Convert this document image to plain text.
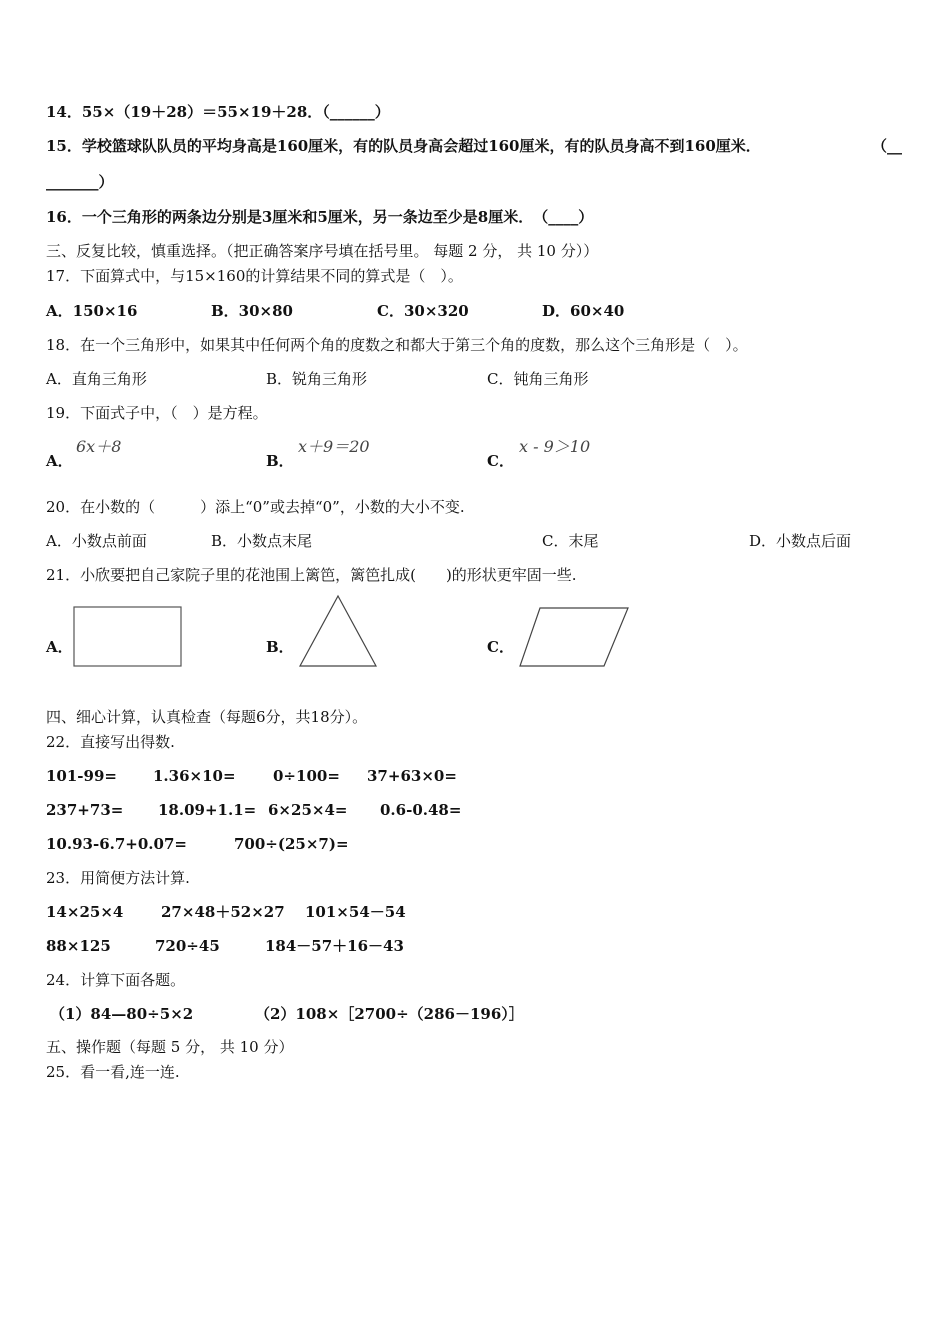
14．55×（19＋28）＝55×19＋28．（______）
15．学校篮球队队员的平均身高是160厘米，有的队员身高会超过160厘米，有的队员身高不到160厘米．	（__
_______）
16．一个三角形的两条边分别是3厘米和5厘米，另一条边至少是8厘米．　（____）
三、反复比较，慎重选择。（把正确答案序号填在括号里。 每题 2 分， 共 10 分））
17．下面算式中，与15×160的计算结果不同的算式是（　）。
A．150×16	B．30×80	C．30×320	D．60×40
18．在一个三角形中，如果其中任何两个角的度数之和都大于第三个角的度数，那么这个三角形是（　）。
A．直角三角形	B．锐角三角形	C．钝角三角形
19．下面式子中，（　）是方程。
A．
6x＋8
B．
x＋9＝20
C．
x - 9＞10
20．在小数的（　　　）添上“0”或去掉“0”，小数的大小不变.
A．小数点前面	B．小数点末尾	C．末尾	D．小数点后面
21．小欣要把自己家院子里的花池围上篱笆，篱笆扎成(　　)的形状更牢固一些.
A．	B．	C．
四、细心计算，认真检查（每题6分，共18分）。
22．直接写出得数.
101-99= 1.36×10= 0÷100= 37+63×0=
237+73= 18.09+1.1= 6×25×4= 0.6-0.48=
10.93-6.7+0.07=	700÷(25×7)=
23．用简便方法计算.
14×25×4	27×48＋52×27 101×54－54
88×125	720÷45	184－57＋16－43
24．计算下面各题。
（1）84—80÷5×2	（2）108×［2700÷（286－196）］
五、操作题（每题 5 分， 共 10 分）
25．看一看,连一连.
